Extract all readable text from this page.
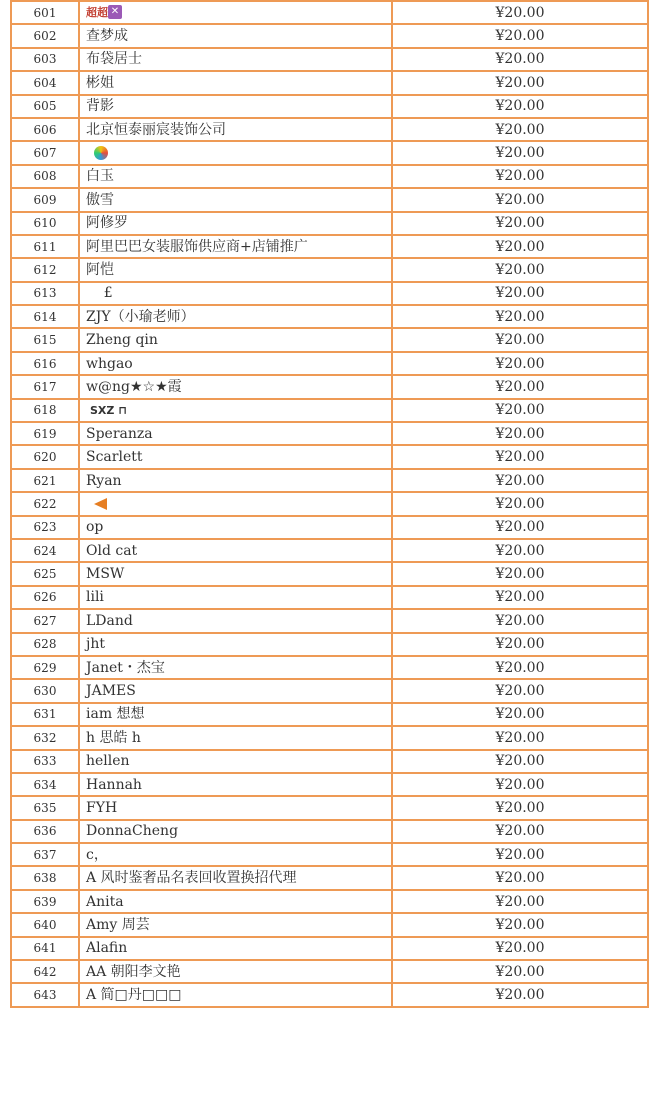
601	超超 ✕	¥20.00
602	查梦成	¥20.00
603	布袋居士	¥20.00
604	彬姐	¥20.00
605	背影	¥20.00
606	北京恒泰丽宸装饰公司	¥20.00
607		¥20.00
608	白玉	¥20.00
609	傲雪	¥20.00
610	阿修罗	¥20.00
611	阿里巴巴女装服饰供应商+店铺推广	¥20.00
612	阿恺	¥20.00
613	£	¥20.00
614	ZJY（小瑜老师）	¥20.00
615	Zheng qin	¥20.00
616	whgao	¥20.00
617	w@ng★☆★霞	¥20.00
618	SXZ ⊓	¥20.00
619	Speranza	¥20.00
620	Scarlett	¥20.00
621	Ryan	¥20.00
622		¥20.00
623	op	¥20.00
624	Old cat	¥20.00
625	MSW	¥20.00
626	lili	¥20.00
627	LDand	¥20.00
628	jht	¥20.00
629	Janet・杰宝	¥20.00
630	JAMES	¥20.00
631	iam 想想	¥20.00
632	h 思皓 h	¥20.00
633	hellen	¥20.00
634	Hannah	¥20.00
635	FYH	¥20.00
636	DonnaCheng	¥20.00
637	c，	¥20.00
638	A 风时鉴奢品名表回收置换招代理	¥20.00
639	Anita	¥20.00
640	Amy 周芸	¥20.00
641	Alafin	¥20.00
642	AA 朝阳李文艳	¥20.00
643	A 简□丹□□□	¥20.00
